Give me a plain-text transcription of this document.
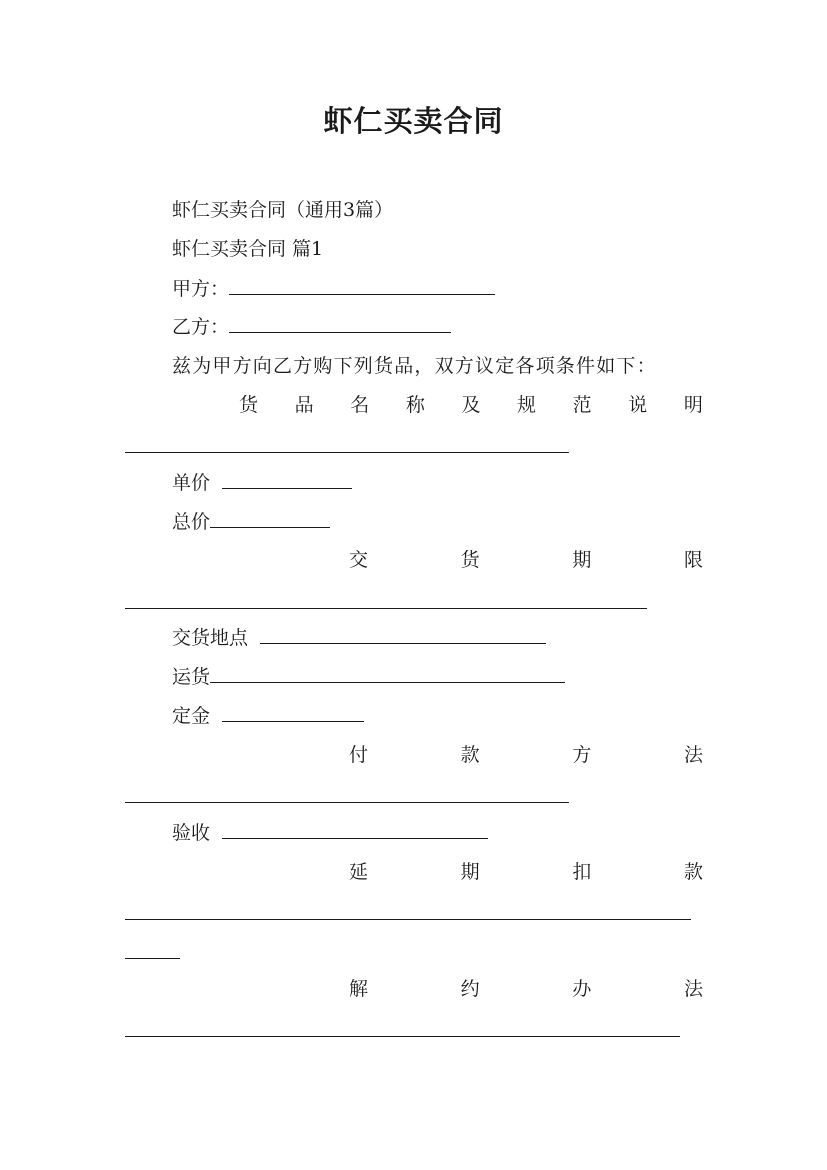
虾仁买卖合同
虾仁买卖合同（通用3篇）
虾仁买卖合同 篇1
甲方：
乙方：
兹为甲方向乙方购下列货品，双方议定各项条件如下：
货 品 名 称 及 规 范 说 明
单价
总价
交	货	期	限
交货地点
运货
定金
付	款	方	法
验收
延	期	扣	款
解	约	办	法
